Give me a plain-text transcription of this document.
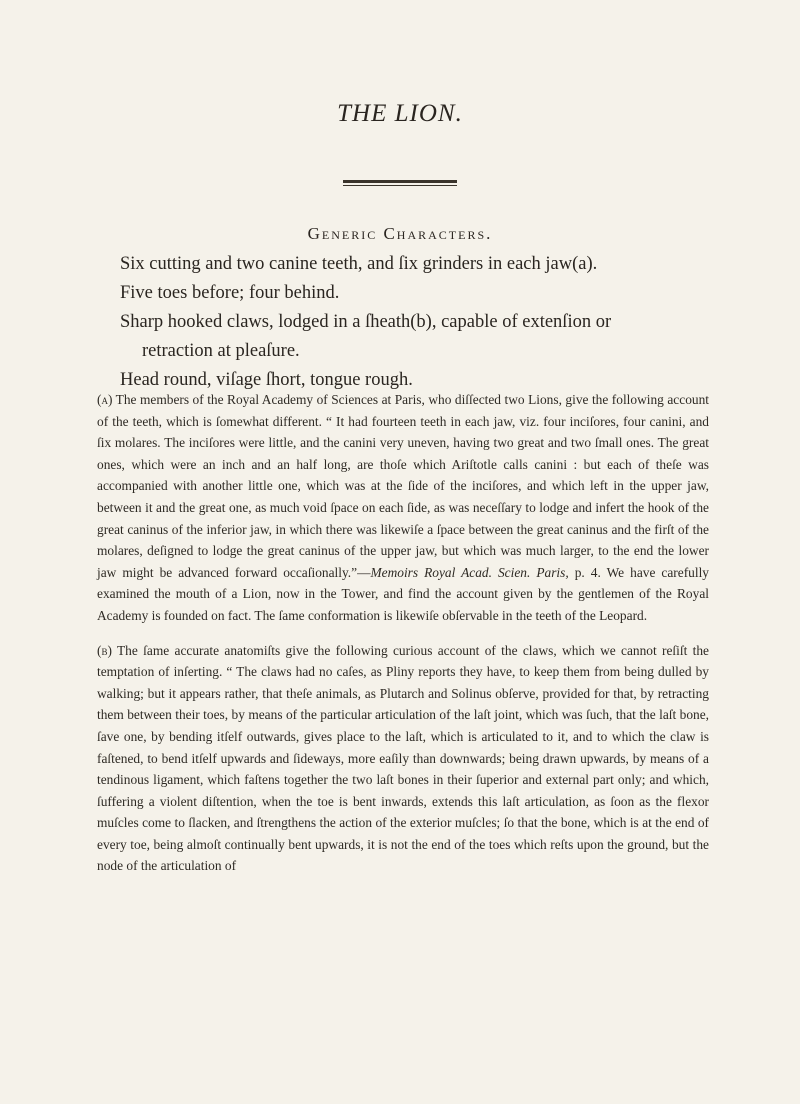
THE LION.
Generic Characters.
Six cutting and two canine teeth, and ſix grinders in each jaw(a).
Five toes before; four behind.
Sharp hooked claws, lodged in a ſheath(b), capable of extenſion or
retraction at pleaſure.
Head round, viſage ſhort, tongue rough.

(a) The members of the Royal Academy of Sciences at Paris, who diſſected two Lions, give the following account of the teeth, which is ſomewhat different. “ It had fourteen teeth in each jaw, viz. four inciſores, four canini, and ſix molares. The inciſores were little, and the canini very uneven, having two great and two ſmall ones. The great ones, which were an inch and an half long, are thoſe which Ariſtotle calls canini : but each of theſe was accompanied with another little one, which was at the ſide of the inciſores, and which left in the upper jaw, between it and the great one, as much void ſpace on each ſide, as was neceſſary to lodge and infert the hook of the great caninus of the inferior jaw, in which there was likewiſe a ſpace between the great caninus and the firſt of the molares, deſigned to lodge the great caninus of the upper jaw, but which was much larger, to the end the lower jaw might be advanced forward occaſionally.”—Memoirs Royal Acad. Scien. Paris, p. 4. We have carefully examined the mouth of a Lion, now in the Tower, and find the account given by the gentlemen of the Royal Academy is founded on fact. The ſame conformation is likewiſe obſervable in the teeth of the Leopard.

(b) The ſame accurate anatomiſts give the following curious account of the claws, which we cannot reſiſt the temptation of inſerting. “ The claws had no caſes, as Pliny reports they have, to keep them from being dulled by walking; but it appears rather, that theſe animals, as Plutarch and Solinus obſerve, provided for that, by retracting them between their toes, by means of the particular articulation of the laſt joint, which was ſuch, that the laſt bone, ſave one, by bending itſelf outwards, gives place to the laſt, which is articulated to it, and to which the claw is faſtened, to bend itſelf upwards and ſideways, more eaſily than downwards; being drawn upwards, by means of a tendinous ligament, which faſtens together the two laſt bones in their ſuperior and external part only; and which, ſuffering a violent diſtention, when the toe is bent inwards, extends this laſt articulation, as ſoon as the flexor muſcles come to ſlacken, and ſtrengthens the action of the exterior muſcles; ſo that the bone, which is at the end of every toe, being almoſt continually bent upwards, it is not the end of the toes which reſts upon the ground, but the node of the articulation of
